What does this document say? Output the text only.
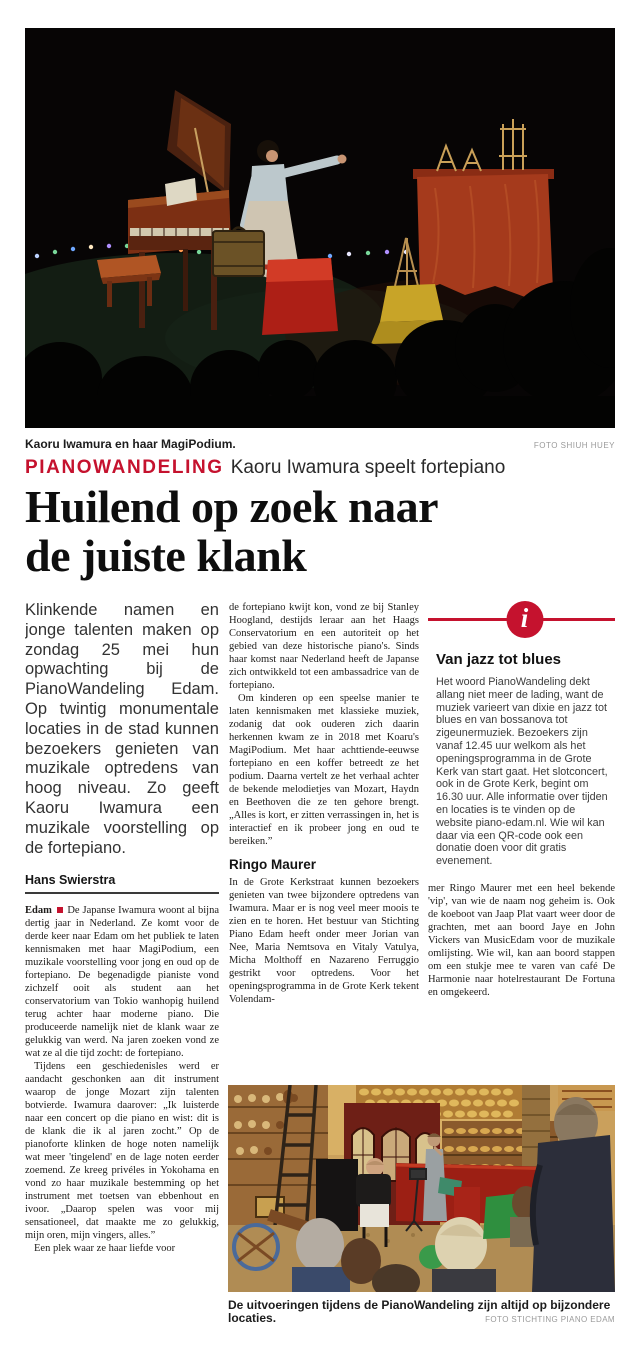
Kaoru Iwamura en haar MagiPodium.	FOTO SHIUH HUEY
PIANOWANDELING Kaoru Iwamura speelt fortepiano
Huilend op zoek naar
de juiste klank

Klinkende namen en jonge talenten maken op zondag 25 mei hun opwachting bij de PianoWandeling Edam. Op twintig monumentale locaties in de stad kunnen bezoekers genieten van muzikale optredens van hoog niveau. Zo geeft Kaoru Iwamura een muzikale voorstelling op de fortepiano.

Hans Swierstra

Edam De Japanse Iwamura woont al bijna dertig jaar in Nederland. Ze komt voor de derde keer naar Edam om het publiek te laten kennismaken met haar MagiPodium, een muzikale voorstelling voor jong en oud op de fortepiano. De begenadigde pianiste vond zichzelf ooit als student aan het conservatorium van Tokio wanhopig huilend terug achter haar moderne piano. Die produceerde namelijk niet de klank waar ze gelukkig van werd. Na jaren zoeken vond ze wat ze al die tijd zocht: de fortepiano.

Tijdens een geschiedenisles werd er aandacht geschonken aan dit instrument waarop de jonge Mozart zijn talenten botvierde. Iwamura daarover: „Ik luisterde naar een concert op die piano en wist: dit is de klank die ik al jaren zocht.” Op de pianoforte klinken de hoge noten namelijk wat meer 'tingelend' en de lage noten eerder zoemend. Ze kreeg privéles in Yokohama en vond zo haar muzikale bestemming op het instrument met toetsen van ebbenhout en ivoor. „Daarop spelen was voor mij sensationeel, dat maakte me zo gelukkig, mijn oren, mijn vingers, alles.”

Een plek waar ze haar liefde voor

de fortepiano kwijt kon, vond ze bij Stanley Hoogland, destijds leraar aan het Haags Conservatorium en een autoriteit op het gebied van deze historische piano's. Sinds haar komst naar Nederland heeft de Japanse zich ontwikkeld tot een ambassadrice van de fortepiano.

Om kinderen op een speelse manier te laten kennismaken met klassieke muziek, zodanig dat ook ouderen zich daarin herkennen kwam ze in 2018 met Koaru's MagiPodium. Met haar achttiende-eeuwse fortepiano en een koffer betreedt ze het podium. Daarna vertelt ze het verhaal achter de bekende melodietjes van Mozart, Haydn en Beethoven die ze ten gehore brengt. „Alles is kort, er zitten verrassingen in, het is interactief en ik probeer jong en oud te bereiken.”

Ringo Maurer

In de Grote Kerkstraat kunnen bezoekers genieten van twee bijzondere optredens van Iwamura. Maar er is nog veel meer moois te zien en te horen. Het bestuur van Stichting Piano Edam heeft onder meer Jorian van Nee, Maria Nemtsova en Vitaly Vatulya, Micha Molthoff en Nazareno Ferruggio gestrikt voor optredens. Voor het openingsprogramma in de Grote Kerk tekent Volendam-

i
Van jazz tot blues

Het woord PianoWandeling dekt allang niet meer de lading, want de muziek varieert van dixie en jazz tot blues en van bossanova tot zigeunermuziek. Bezoekers zijn vanaf 12.45 uur welkom als het openingsprogramma in de Grote Kerk van start gaat. Het slotconcert, ook in de Grote Kerk, begint om 16.30 uur. Alle informatie over tijden en locaties is te vinden op de website piano-edam.nl. Wie wil kan daar via een QR-code ook een donatie doen voor dit gratis evenement.

mer Ringo Maurer met een heel bekende 'vip', van wie de naam nog geheim is. Ook de koeboot van Jaap Plat vaart weer door de grachten, met aan boord Jaye en John Vickers van MusicEdam voor de muzikale omlijsting. Wie wil, kan aan boord stappen om een stukje mee te varen van café De Harmonie naar hotelrestaurant De Fortuna en omgekeerd.

De uitvoeringen tijdens de PianoWandeling zijn altijd op bijzondere locaties.	FOTO STICHTING PIANO EDAM
